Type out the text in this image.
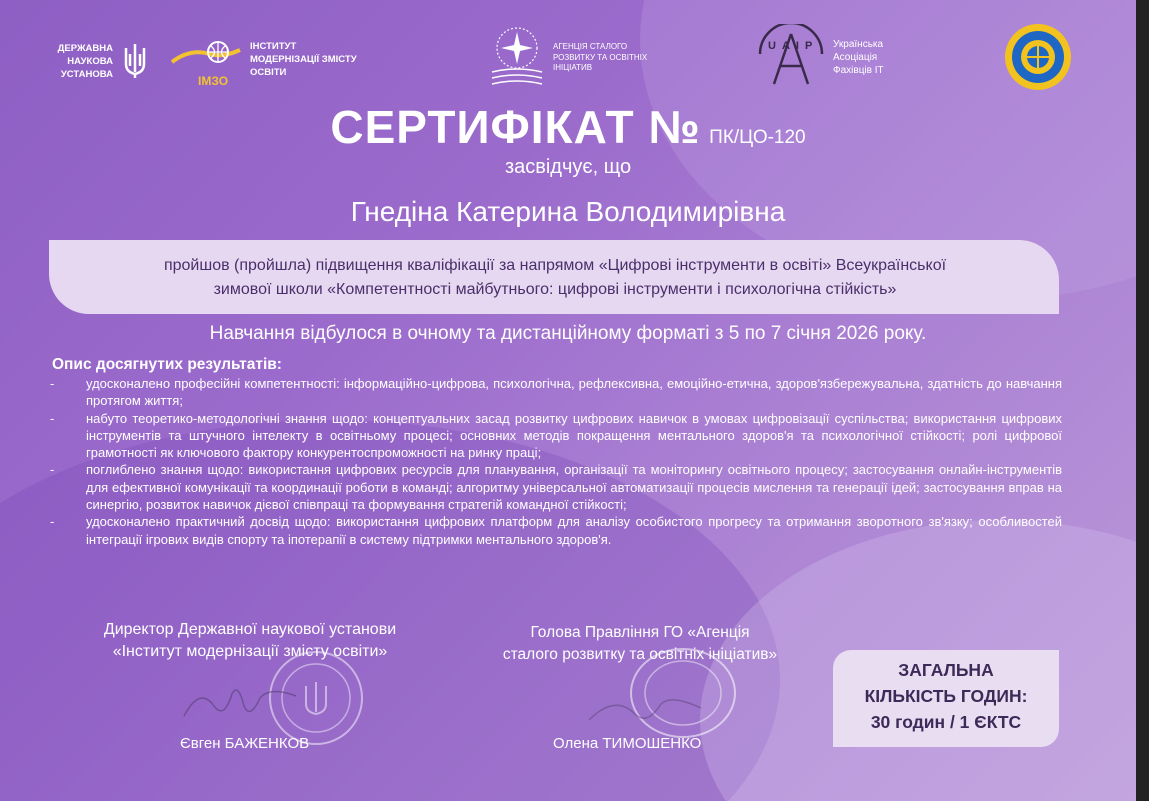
ДЕРЖАВНА
НАУКОВА
УСТАНОВА	ІМЗО
ІНСТИТУТ
МОДЕРНІЗАЦІЇ ЗМІСТУ
ОСВІТИ
АГЕНЦІЯ СТАЛОГО
РОЗВИТКУ ТА ОСВІТНІХ
ІНІЦІАТИВ
UAIP Українська
Асоціація
Фахівців ІТ
СЕРТИФІКАТ № ПК/ЦО-120
засвідчує, що
Гнедіна Катерина Володимирівна
пройшов (пройшла) підвищення кваліфікації за напрямом «Цифрові інструменти в освіті» Всеукраїнської
зимової школи «Компетентності майбутнього: цифрові інструменти і психологічна стійкість»
Навчання відбулося в очному та дистанційному форматі з 5 по 7 січня 2026 року.
Опис досягнутих результатів:
- удосконалено професійні компетентності: інформаційно-цифрова, психологічна, рефлексивна, емоційно-етична, здоров'язбережувальна, здатність до навчання протягом життя;
- набуто теоретико-методологічні знання щодо: концептуальних засад розвитку цифрових навичок в умовах цифровізації суспільства; використання цифрових інструментів та штучного інтелекту в освітньому процесі; основних методів покращення ментального здоров'я та психологічної стійкості; ролі цифрової грамотності як ключового фактору конкурентоспроможності на ринку праці;
- поглиблено знання щодо: використання цифрових ресурсів для планування, організації та моніторингу освітнього процесу; застосування онлайн-інструментів для ефективної комунікації та координації роботи в команді; алгоритму універсальної автоматизації процесів мислення та генерації ідей; застосування вправ на синергію, розвиток навичок дієвої співпраці та формування стратегій командної стійкості;
- удосконалено практичний досвід щодо: використання цифрових платформ для аналізу особистого прогресу та отримання зворотного зв'язку; особливостей інтеграції ігрових видів спорту та іпотерапії в систему підтримки ментального здоров'я.
Директор Державної наукової установи
«Інститут модернізації змісту освіти»
Євген БАЖЕНКОВ
Голова Правління ГО «Агенція
сталого розвитку та освітніх ініціатив»
Олена ТИМОШЕНКО
ЗАГАЛЬНА
КІЛЬКІСТЬ ГОДИН:
30 годин / 1 ЄКТС
